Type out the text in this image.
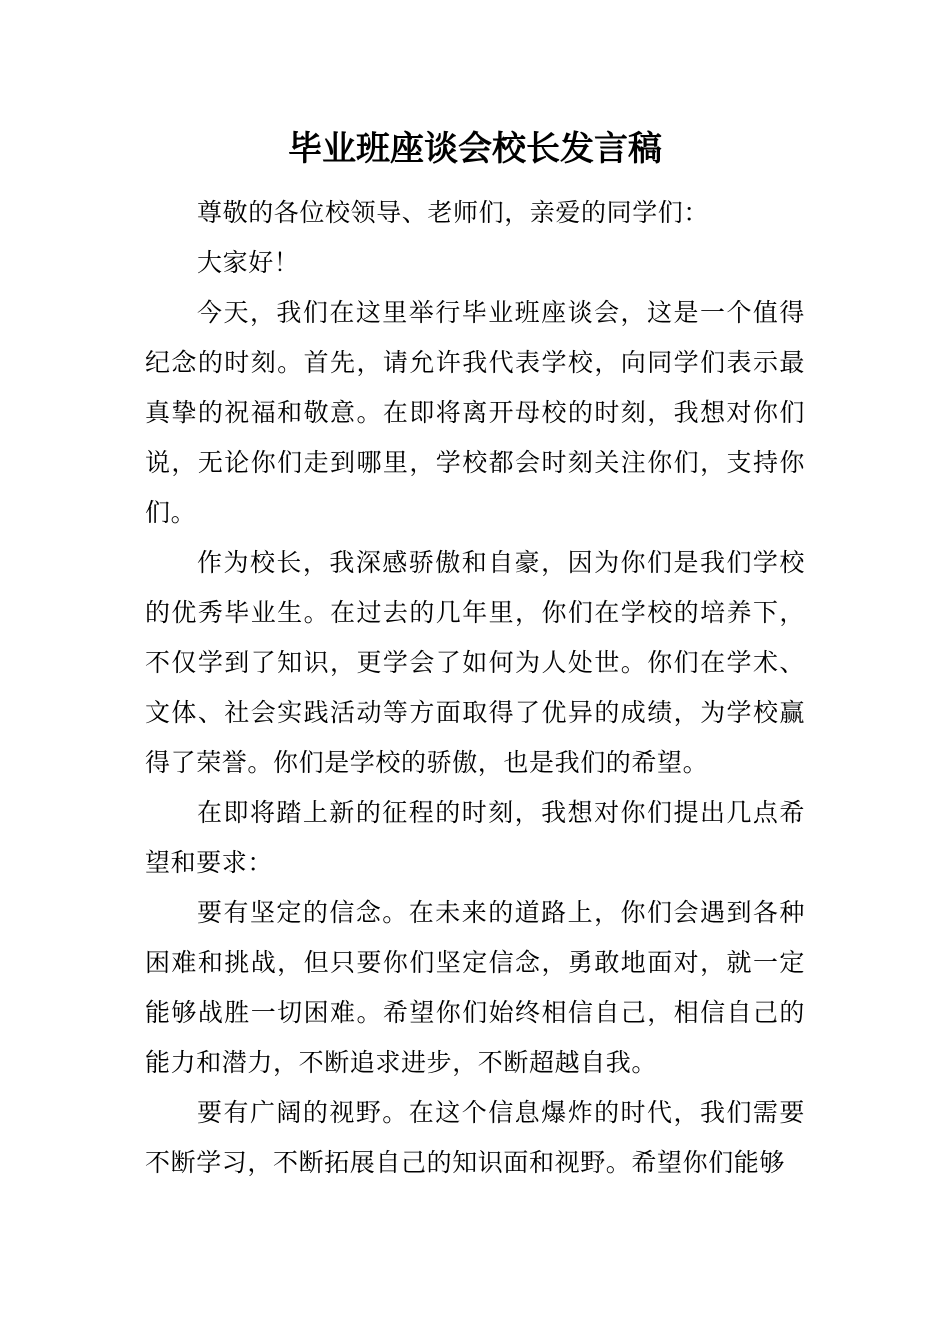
毕业班座谈会校长发言稿

尊敬的各位校领导、老师们，亲爱的同学们：

大家好！

今天，我们在这里举行毕业班座谈会，这是一个值得纪念的时刻。首先，请允许我代表学校，向同学们表示最真挚的祝福和敬意。在即将离开母校的时刻，我想对你们说，无论你们走到哪里，学校都会时刻关注你们，支持你们。

作为校长，我深感骄傲和自豪，因为你们是我们学校的优秀毕业生。在过去的几年里，你们在学校的培养下，不仅学到了知识，更学会了如何为人处世。你们在学术、文体、社会实践活动等方面取得了优异的成绩，为学校赢得了荣誉。你们是学校的骄傲，也是我们的希望。

在即将踏上新的征程的时刻，我想对你们提出几点希望和要求：

要有坚定的信念。在未来的道路上，你们会遇到各种困难和挑战，但只要你们坚定信念，勇敢地面对，就一定能够战胜一切困难。希望你们始终相信自己，相信自己的能力和潜力，不断追求进步，不断超越自我。

要有广阔的视野。在这个信息爆炸的时代，我们需要不断学习，不断拓展自己的知识面和视野。希望你们能够
